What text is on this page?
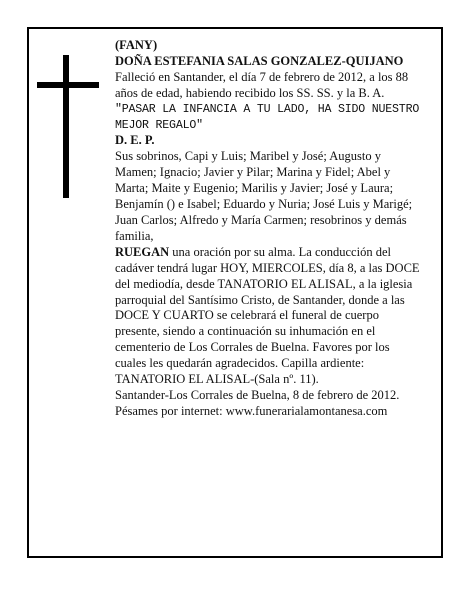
(FANY)

DOÑA ESTEFANIA SALAS GONZALEZ-QUIJANO

Falleció en Santander, el día 7 de febrero de 2012, a los 88 años de edad, habiendo recibido los SS. SS. y la B. A.

"PASAR LA INFANCIA A TU LADO, HA SIDO NUESTRO MEJOR REGALO"

D. E. P.

Sus sobrinos, Capi y Luis; Maribel y José; Augusto y Mamen; Ignacio; Javier y Pilar; Marina y Fidel; Abel y Marta; Maite y Eugenio; Marilis y Javier; José y Laura; Benjamín () e Isabel; Eduardo y Nuria; José Luis y Marigé; Juan Carlos; Alfredo y María Carmen; resobrinos y demás familia,

RUEGAN una oración por su alma. La conducción del cadáver tendrá lugar HOY, MIERCOLES, día 8, a las DOCE del mediodía, desde TANATORIO EL ALISAL, a la iglesia parroquial del Santísimo Cristo, de Santander, donde a las DOCE Y CUARTO se celebrará el funeral de cuerpo presente, siendo a continuación su inhumación en el cementerio de Los Corrales de Buelna. Favores por los cuales les quedarán agradecidos. Capilla ardiente: TANATORIO EL ALISAL-(Sala nº. 11).

Santander-Los Corrales de Buelna, 8 de febrero de 2012.

Pésames por internet: www.funerarialamontanesa.com
